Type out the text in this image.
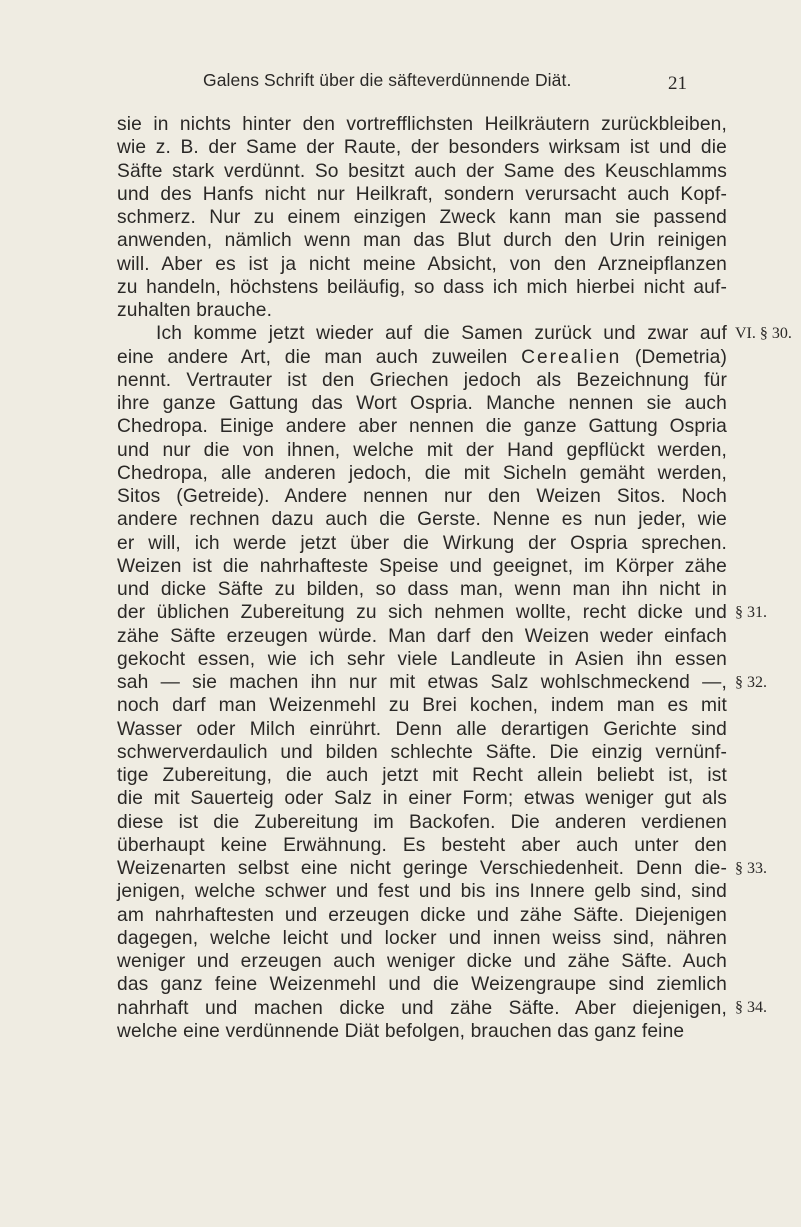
Galens Schrift über die säfteverdünnende Diät.	21
sie in nichts hinter den vortrefflichsten Heilkräutern zurückbleiben,
wie z. B. der Same der Raute, der besonders wirksam ist und die
Säfte stark verdünnt. So besitzt auch der Same des Keuschlamms
und des Hanfs nicht nur Heilkraft, sondern verursacht auch Kopf-
schmerz. Nur zu einem einzigen Zweck kann man sie passend
anwenden, nämlich wenn man das Blut durch den Urin reinigen
will. Aber es ist ja nicht meine Absicht, von den Arzneipflanzen
zu handeln, höchstens beiläufig, so dass ich mich hierbei nicht auf-
zuhalten brauche.
Ich komme jetzt wieder auf die Samen zurück und zwar auf
eine andere Art, die man auch zuweilen Cerealien (Demetria)
nennt. Vertrauter ist den Griechen jedoch als Bezeichnung für
ihre ganze Gattung das Wort Ospria. Manche nennen sie auch
Chedropa. Einige andere aber nennen die ganze Gattung Ospria
und nur die von ihnen, welche mit der Hand gepflückt werden,
Chedropa, alle anderen jedoch, die mit Sicheln gemäht werden,
Sitos (Getreide). Andere nennen nur den Weizen Sitos. Noch
andere rechnen dazu auch die Gerste. Nenne es nun jeder, wie
er will, ich werde jetzt über die Wirkung der Ospria sprechen.
Weizen ist die nahrhafteste Speise und geeignet, im Körper zähe
und dicke Säfte zu bilden, so dass man, wenn man ihn nicht in
der üblichen Zubereitung zu sich nehmen wollte, recht dicke und
zähe Säfte erzeugen würde. Man darf den Weizen weder einfach
gekocht essen, wie ich sehr viele Landleute in Asien ihn essen
sah — sie machen ihn nur mit etwas Salz wohlschmeckend —,
noch darf man Weizenmehl zu Brei kochen, indem man es mit
Wasser oder Milch einrührt. Denn alle derartigen Gerichte sind
schwerverdaulich und bilden schlechte Säfte. Die einzig vernünf-
tige Zubereitung, die auch jetzt mit Recht allein beliebt ist, ist
die mit Sauerteig oder Salz in einer Form; etwas weniger gut als
diese ist die Zubereitung im Backofen. Die anderen verdienen
überhaupt keine Erwähnung. Es besteht aber auch unter den
Weizenarten selbst eine nicht geringe Verschiedenheit. Denn die-
jenigen, welche schwer und fest und bis ins Innere gelb sind, sind
am nahrhaftesten und erzeugen dicke und zähe Säfte. Diejenigen
dagegen, welche leicht und locker und innen weiss sind, nähren
weniger und erzeugen auch weniger dicke und zähe Säfte. Auch
das ganz feine Weizenmehl und die Weizengraupe sind ziemlich
nahrhaft und machen dicke und zähe Säfte. Aber diejenigen,
welche eine verdünnende Diät befolgen, brauchen das ganz feine
VI. § 30.
§ 31.
§ 32.
§ 33.
§ 34.
